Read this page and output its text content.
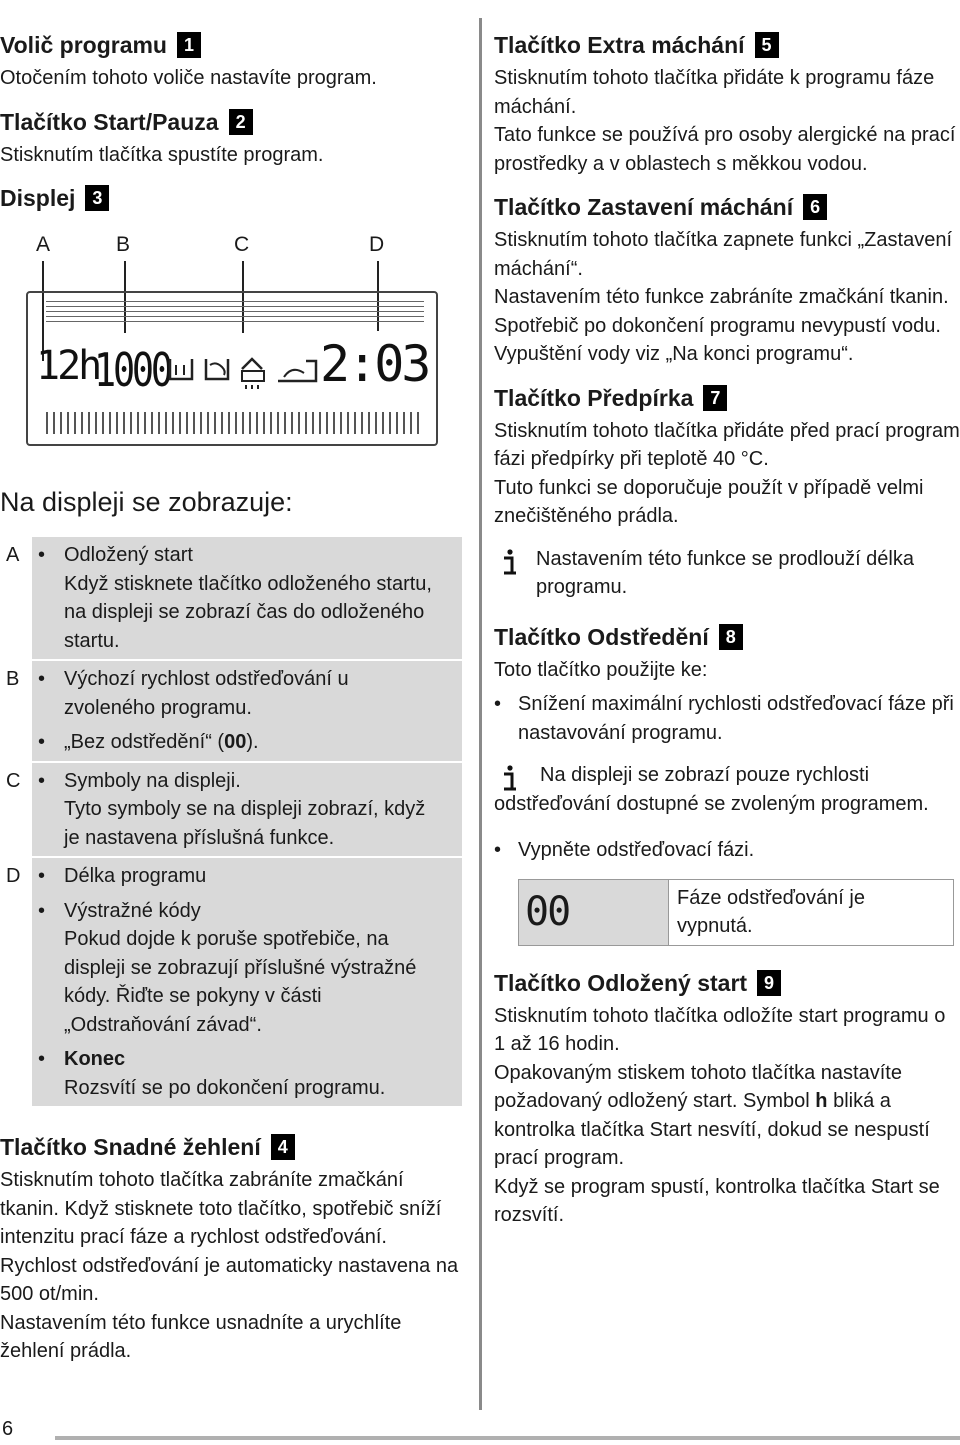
Volič programu 1

Otočením tohoto voliče nastavíte program.

Tlačítko Start/Pauza 2

Stisknutím tlačítka spustíte program.

Displej 3
A	B	C	D
12h
1000	2:03
Na displeji se zobrazuje:
A • Odložený start
Když stisknete tlačítko odloženého startu, na displeji se zobrazí čas do odloženého startu.
B • Výchozí rychlost odstřeďování u zvoleného programu.
• „Bez odstředění“ (00).
C • Symboly na displeji.
Tyto symboly se na displeji zobrazí, když je nastavena příslušná funkce.
D • Délka programu
• Výstražné kódy
Pokud dojde k poruše spotřebiče, na displeji se zobrazují příslušné výstražné kódy. Řiďte se pokyny v části „Odstraňování závad“.
• Konec
Rozsvítí se po dokončení programu.
Tlačítko Snadné žehlení 4

Stisknutím tohoto tlačítka zabráníte zmačkání tkanin. Když stisknete toto tlačítko, spotřebič sníží intenzitu prací fáze a rychlost odstřeďování.

Rychlost odstřeďování je automaticky nastavena na 500 ot/min.

Nastavením této funkce usnadníte a urychlíte žehlení prádla.

Tlačítko Extra máchání 5

Stisknutím tohoto tlačítka přidáte k programu fáze máchání.

Tato funkce se používá pro osoby alergické na prací prostředky a v oblastech s měkkou vodou.

Tlačítko Zastavení máchání 6

Stisknutím tohoto tlačítka zapnete funkci „Zastavení máchání“.

Nastavením této funkce zabráníte zmačkání tkanin.

Spotřebič po dokončení programu nevypustí vodu.

Vypuštění vody viz „Na konci programu“.

Tlačítko Předpírka 7

Stisknutím tohoto tlačítka přidáte před prací program fázi předpírky při teplotě 40 °C.

Tuto funkci se doporučuje použít v případě velmi znečištěného prádla.

Nastavením této funkce se prodlouží délka programu.

Tlačítko Odstředění 8

Toto tlačítko použijte ke:

• Snížení maximální rychlosti odstřeďovací fáze při nastavování programu.

Na displeji se zobrazí pouze rychlosti odstřeďování dostupné se zvoleným programem.

• Vypněte odstřeďovací fázi.
00	Fáze odstřeďování je vypnutá.
Tlačítko Odložený start 9

Stisknutím tohoto tlačítka odložíte start programu o 1 až 16 hodin.

Opakovaným stiskem tohoto tlačítka nastavíte požadovaný odložený start. Symbol h bliká a kontrolka tlačítka Start nesvítí, dokud se nespustí prací program.

Když se program spustí, kontrolka tlačítka Start se rozsvítí.

6
